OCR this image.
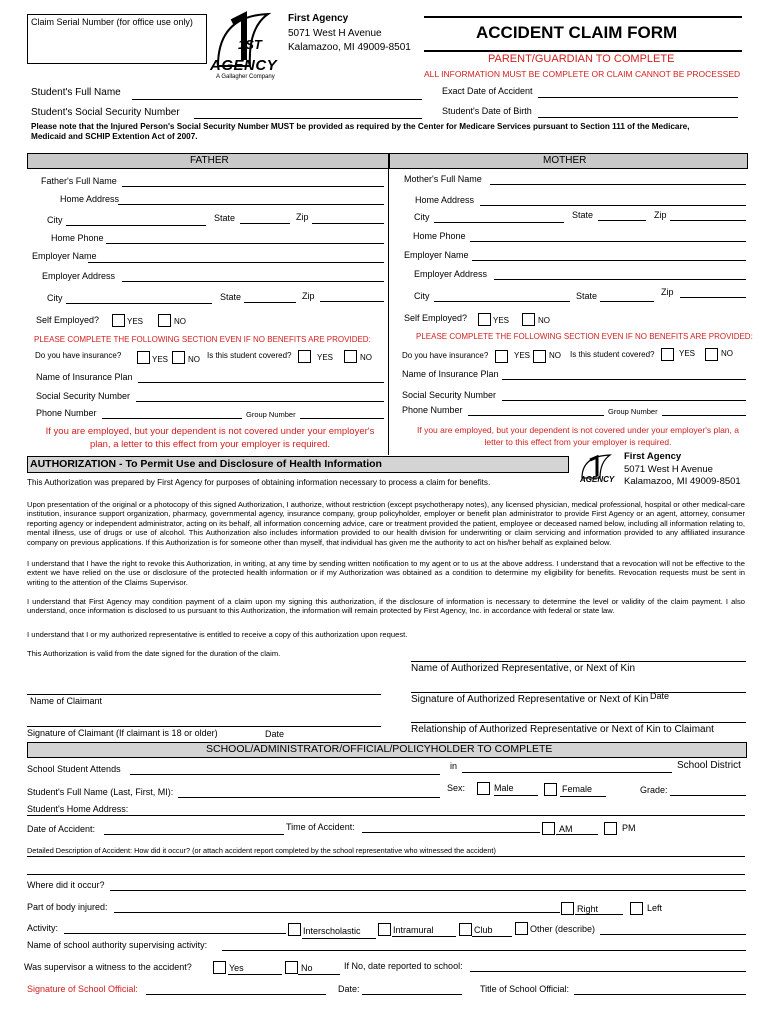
Claim Serial Number (for office use only)
1ST
AGENCY
A Gallagher Company
First Agency
5071 West H Avenue
Kalamazoo, MI 49009-8501
ACCIDENT CLAIM FORM
PARENT/GUARDIAN TO COMPLETE
ALL INFORMATION MUST BE COMPLETE OR CLAIM CANNOT BE PROCESSED
Student's Full Name	Exact Date of Accident
Student's Social Security Number	Student's Date of Birth
Please note that the Injured Person's Social Security Number MUST be provided as required by the Center for Medicare Services pursuant to Section 111 of the Medicare, Medicaid and SCHIP Extention Act of 2007.
FATHER	MOTHER
Father's Full Name
Home Address
City	State	Zip
Home Phone
Employer Name
Employer Address
City	State	Zip
Self Employed?	YES	NO
PLEASE COMPLETE THE FOLLOWING SECTION EVEN IF NO BENEFITS ARE PROVIDED:
Do you have insurance?	YES NO Is this student covered?	YES	NO
Name of Insurance Plan
Social Security Number
Phone Number	Group Number
If you are employed, but your dependent is not covered under your employer's plan, a letter to this effect from your employer is required.
Mother's Full Name
Home Address
City	State	Zip
Home Phone
Employer Name
Employer Address
City	State	Zip
Self Employed?	YES	NO
PLEASE COMPLETE THE FOLLOWING SECTION EVEN IF NO BENEFITS ARE PROVIDED:
Do you have insurance?	YES NO Is this student covered?	YES	NO
Name of Insurance Plan
Social Security Number
Phone Number	Group Number
If you are employed, but your dependent is not covered under your employer's plan, a letter to this effect from your employer is required.
AUTHORIZATION - To Permit Use and Disclosure of Health Information
This Authorization was prepared by First Agency for purposes of obtaining information necessary to process a claim for benefits.	AGENCY
First Agency
5071 West H Avenue
Kalamazoo, MI 49009-8501
Upon presentation of the original or a photocopy of this signed Authorization, I authorize, without restriction (except psychotherapy notes), any licensed physician, medical professional, hospital or other medical-care institution, insurance support organization, pharmacy, governmental agency, insurance company, group policyholder, employer or benefit plan administrator to provide First Agency or an agent, attorney, consumer reporting agency or independent administrator, acting on its behalf, all information concerning advice, care or treatment provided the patient, employee or deceased named below, including all information relating to, mental illness, use of drugs or use of alcohol. This Authorization also includes information provided to our health division for underwriting or claim servicing and information provided to any affiliated insurance company on previous applications. If this Authorization is for someone other than myself, that individual has given me the authority to act on his/her behalf as explained below.
I understand that I have the right to revoke this Authorization, in writing, at any time by sending written notification to my agent or to us at the above address. I understand that a revocation will not be effective to the extent we have relied on the use or disclosure of the protected health information or if my Authorization was obtained as a condition to determine my eligibility for benefits. Revocation requests must be sent in writing to the attention of the Claims Supervisor.
I understand that First Agency may condition payment of a claim upon my signing this authorization, if the disclosure of information is necessary to determine the level or validity of the claim payment. I also understand, once information is disclosed to us pursuant to this Authorization, the information will remain protected by First Agency, Inc. in accordance with federal or state law.
I understand that I or my authorized representative is entitled to receive a copy of this authorization upon request.
This Authorization is valid from the date signed for the duration of the claim.
Name of Authorized Representative, or Next of Kin
Name of Claimant	Signature of Authorized Representative or Next of Kin Date
Signature of Claimant (If claimant is 18 or older)	Date	Relationship of Authorized Representative or Next of Kin to Claimant
SCHOOL/ADMINISTRATOR/OFFICIAL/POLICYHOLDER TO COMPLETE
School Student Attends	in	School District
Student's Full Name (Last, First, MI):	Sex:	Male	Female	Grade:
Student's Home Address:
Date of Accident:	Time of Accident:	AM	PM
Detailed Description of Accident: How did it occur? (or attach accident report completed by the school representative who witnessed the accident)
Where did it occur?
Part of body injured:	Right	Left
Activity:	Interscholastic	Intramural	Club	Other (describe)
Name of school authority supervising activity:
Was supervisor a witness to the accident?	Yes	No	If No, date reported to school:
Signature of School Official:	Date:	Title of School Official:
